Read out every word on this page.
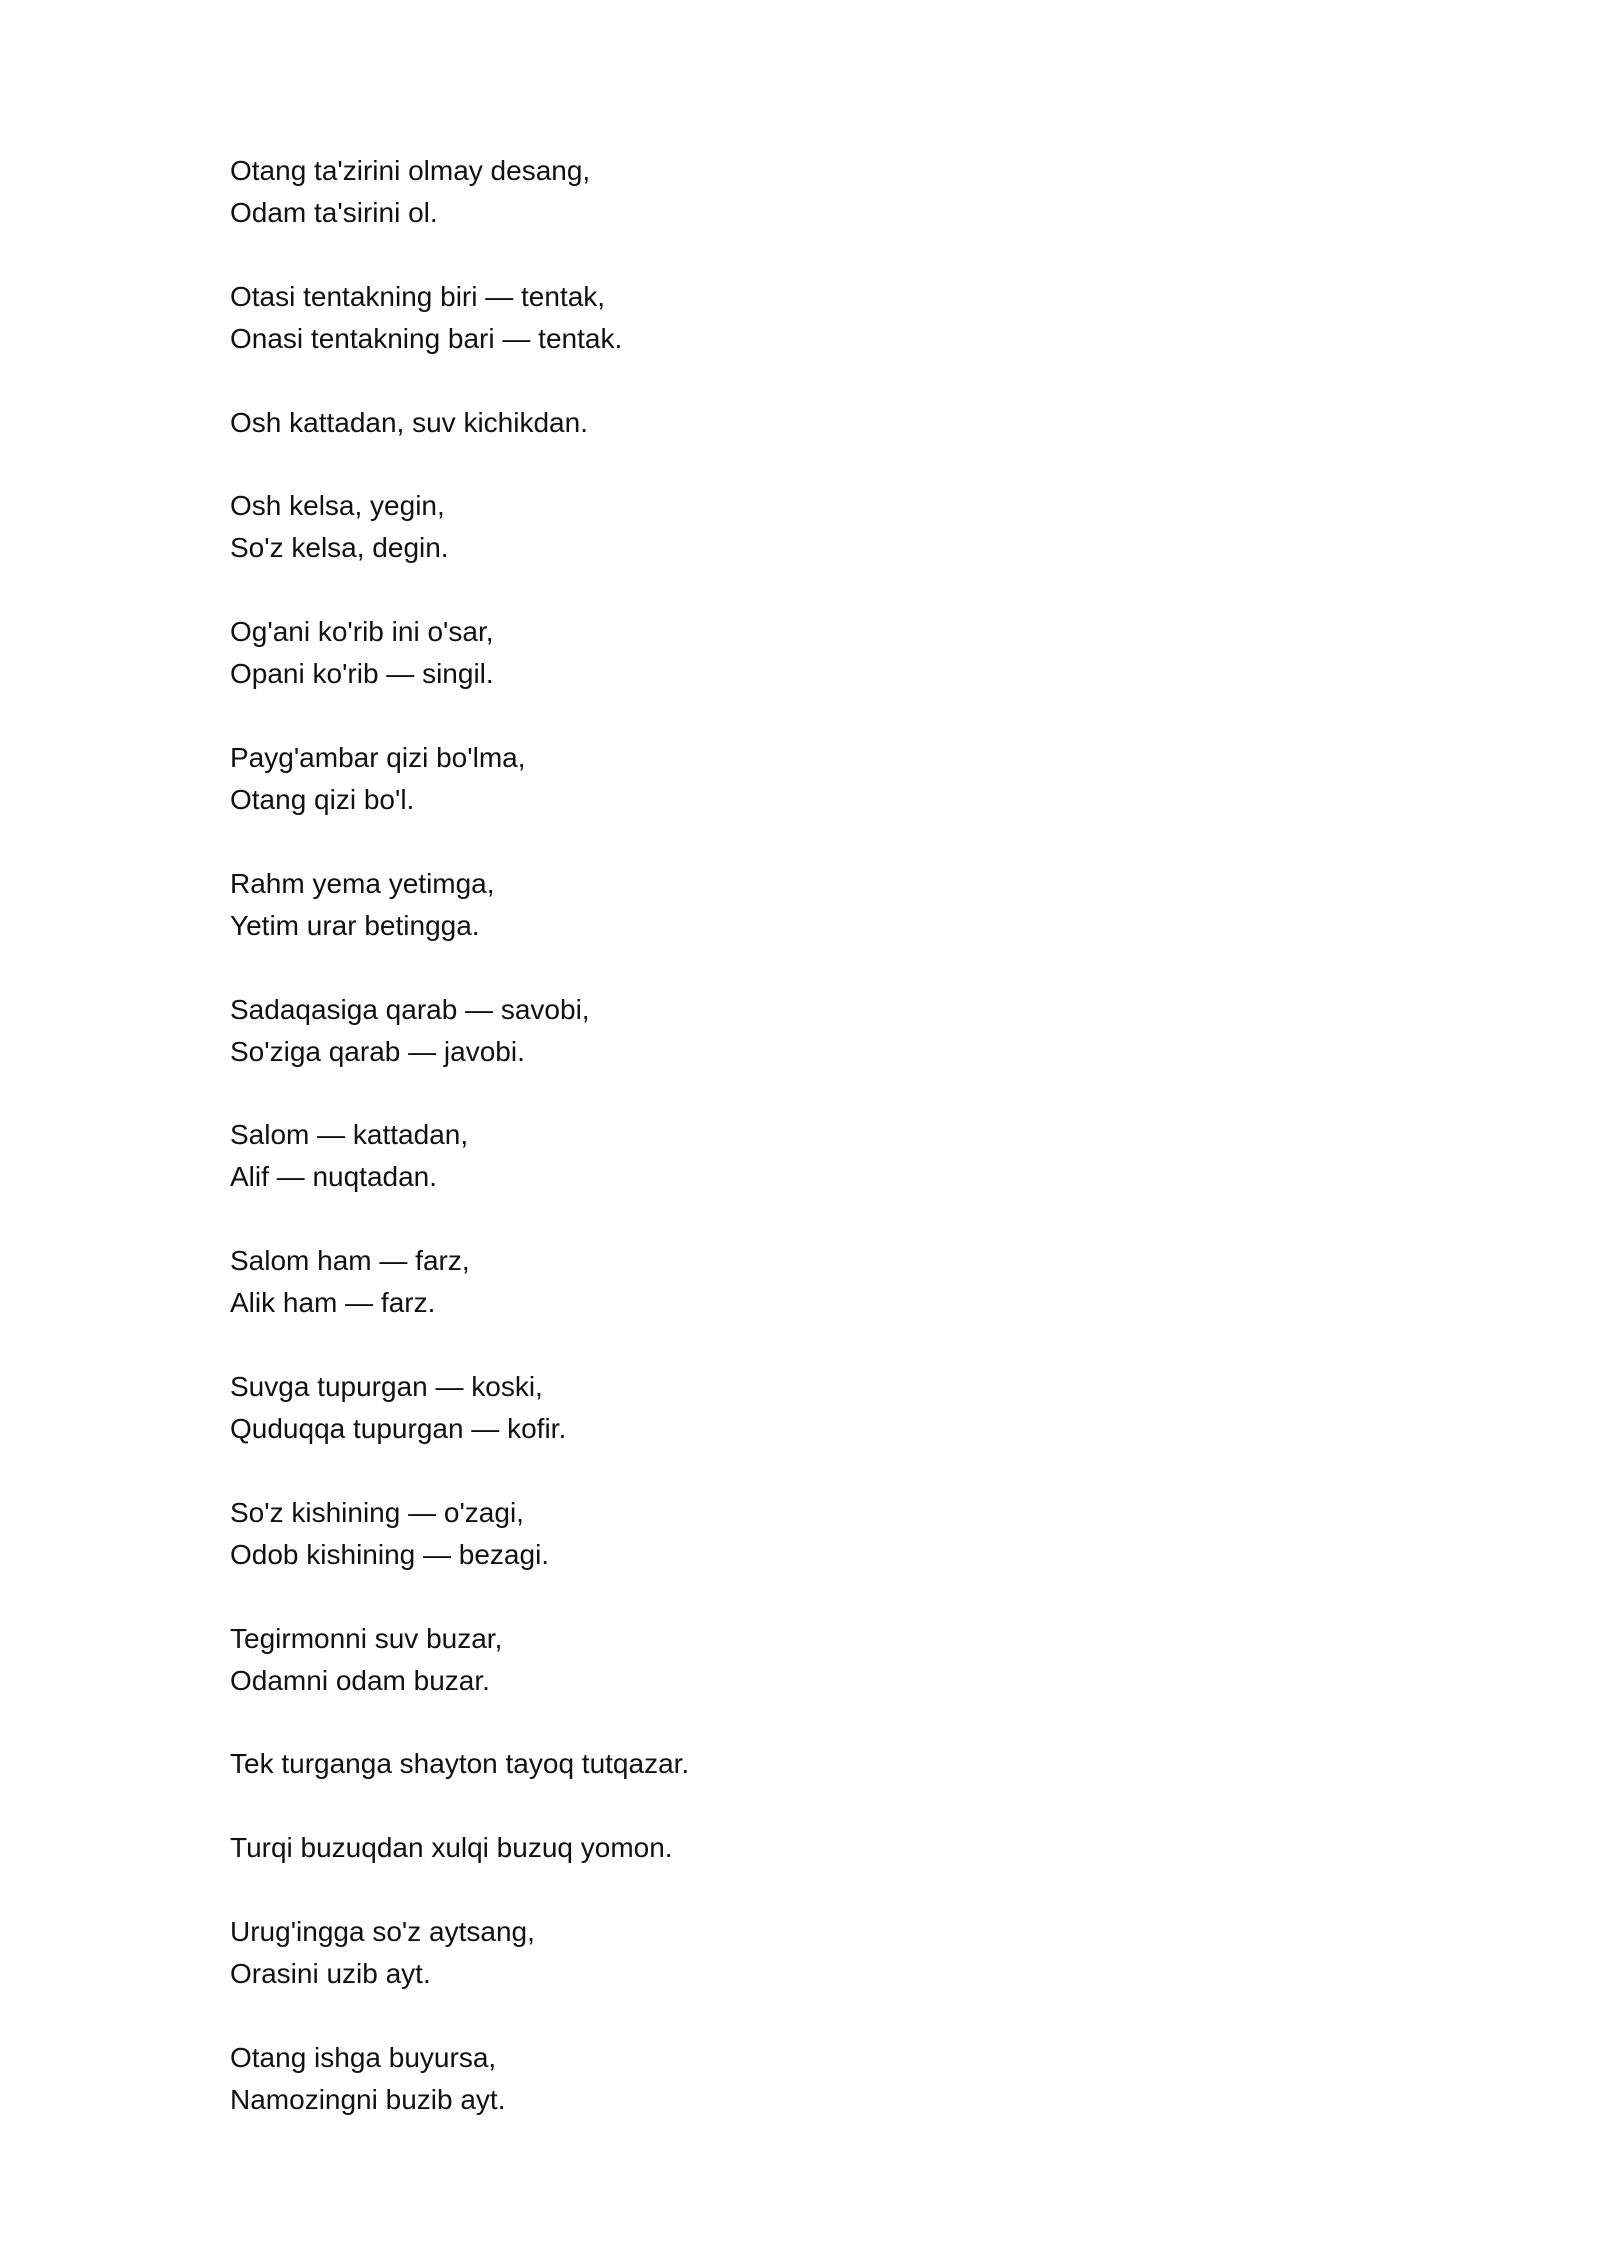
Otang ta'zirini olmay desang,
Odam ta'sirini ol.
Otasi tentakning biri — tentak,
Onasi tentakning bari — tentak.
Osh kattadan, suv kichikdan.
Osh kelsa, yegin,
So'z kelsa, degin.
Og'ani ko'rib ini o'sar,
Opani ko'rib — singil.
Payg'ambar qizi bo'lma,
Otang qizi bo'l.
Rahm yema yetimga,
Yetim urar betingga.
Sadaqasiga qarab — savobi,
So'ziga qarab — javobi.
Salom — kattadan,
Alif — nuqtadan.
Salom ham — farz,
Alik ham — farz.
Suvga tupurgan — koski,
Quduqqa tupurgan — kofir.
So'z kishining — o'zagi,
Odob kishining — bezagi.
Tegirmonni suv buzar,
Odamni odam buzar.
Tek turganga shayton tayoq tutqazar.
Turqi buzuqdan xulqi buzuq yomon.
Urug'ingga so'z aytsang,
Orasini uzib ayt.
Otang ishga buyursa,
Namozingni buzib ayt.
